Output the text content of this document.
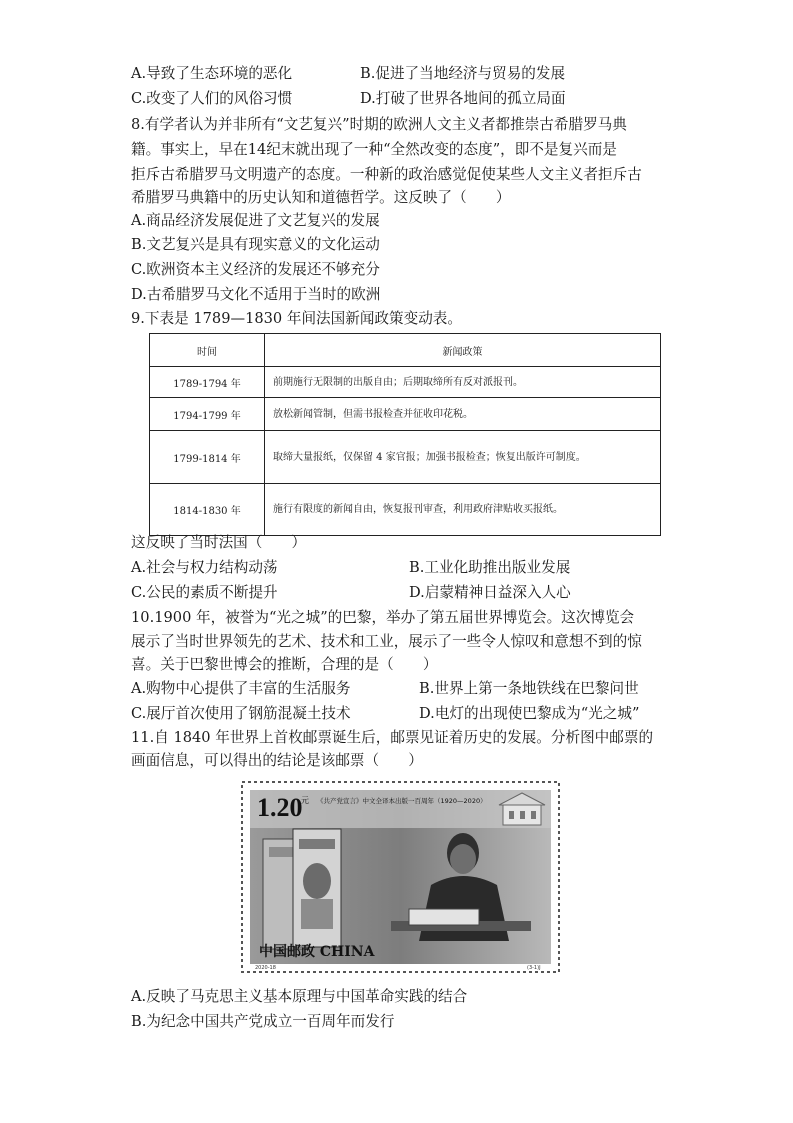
A.导致了生态环境的恶化	B.促进了当地经济与贸易的发展
C.改变了人们的风俗习惯	D.打破了世界各地间的孤立局面
8.有学者认为并非所有“文艺复兴”时期的欧洲人文主义者都推崇古希腊罗马典
籍。事实上，早在14纪末就出现了一种“全然改变的态度”，即不是复兴而是
拒斥古希腊罗马文明遗产的态度。一种新的政治感觉促使某些人文主义者拒斥古
希腊罗马典籍中的历史认知和道德哲学。这反映了（　　）
A.商品经济发展促进了文艺复兴的发展
B.文艺复兴是具有现实意义的文化运动
C.欧洲资本主义经济的发展还不够充分
D.古希腊罗马文化不适用于当时的欧洲
9.下表是 1789—1830 年间法国新闻政策变动表。
时间	新闻政策
1789-1794 年	前期施行无限制的出版自由；后期取缔所有反对派报刊。
1794-1799 年	放松新闻管制，但需书报检查并征收印花税。
1799-1814 年	取缔大量报纸，仅保留 4 家官报；加强书报检查；恢复出版许可制度。
1814-1830 年	施行有限度的新闻自由，恢复报刊审查，利用政府津贴收买报纸。
这反映了当时法国（　　）
A.社会与权力结构动荡	B.工业化助推出版业发展
C.公民的素质不断提升	D.启蒙精神日益深入人心
10.1900 年，被誉为“光之城”的巴黎，举办了第五届世界博览会。这次博览会
展示了当时世界领先的艺术、技术和工业，展示了一些令人惊叹和意想不到的惊
喜。关于巴黎世博会的推断，合理的是（　　）
A.购物中心提供了丰富的生活服务	B.世界上第一条地铁线在巴黎问世
C.展厅首次使用了钢筋混凝土技术	D.电灯的出现使巴黎成为“光之城”
11.自 1840 年世界上首枚邮票诞生后，邮票见证着历史的发展。分析图中邮票的
画面信息，可以得出的结论是该邮票（　　）
1.20
元 《共产党宣言》中文全译本出版一百周年（1920—2020）
中国邮政 CHINA
2020-18	(3-1)J
A.反映了马克思主义基本原理与中国革命实践的结合
B.为纪念中国共产党成立一百周年而发行
